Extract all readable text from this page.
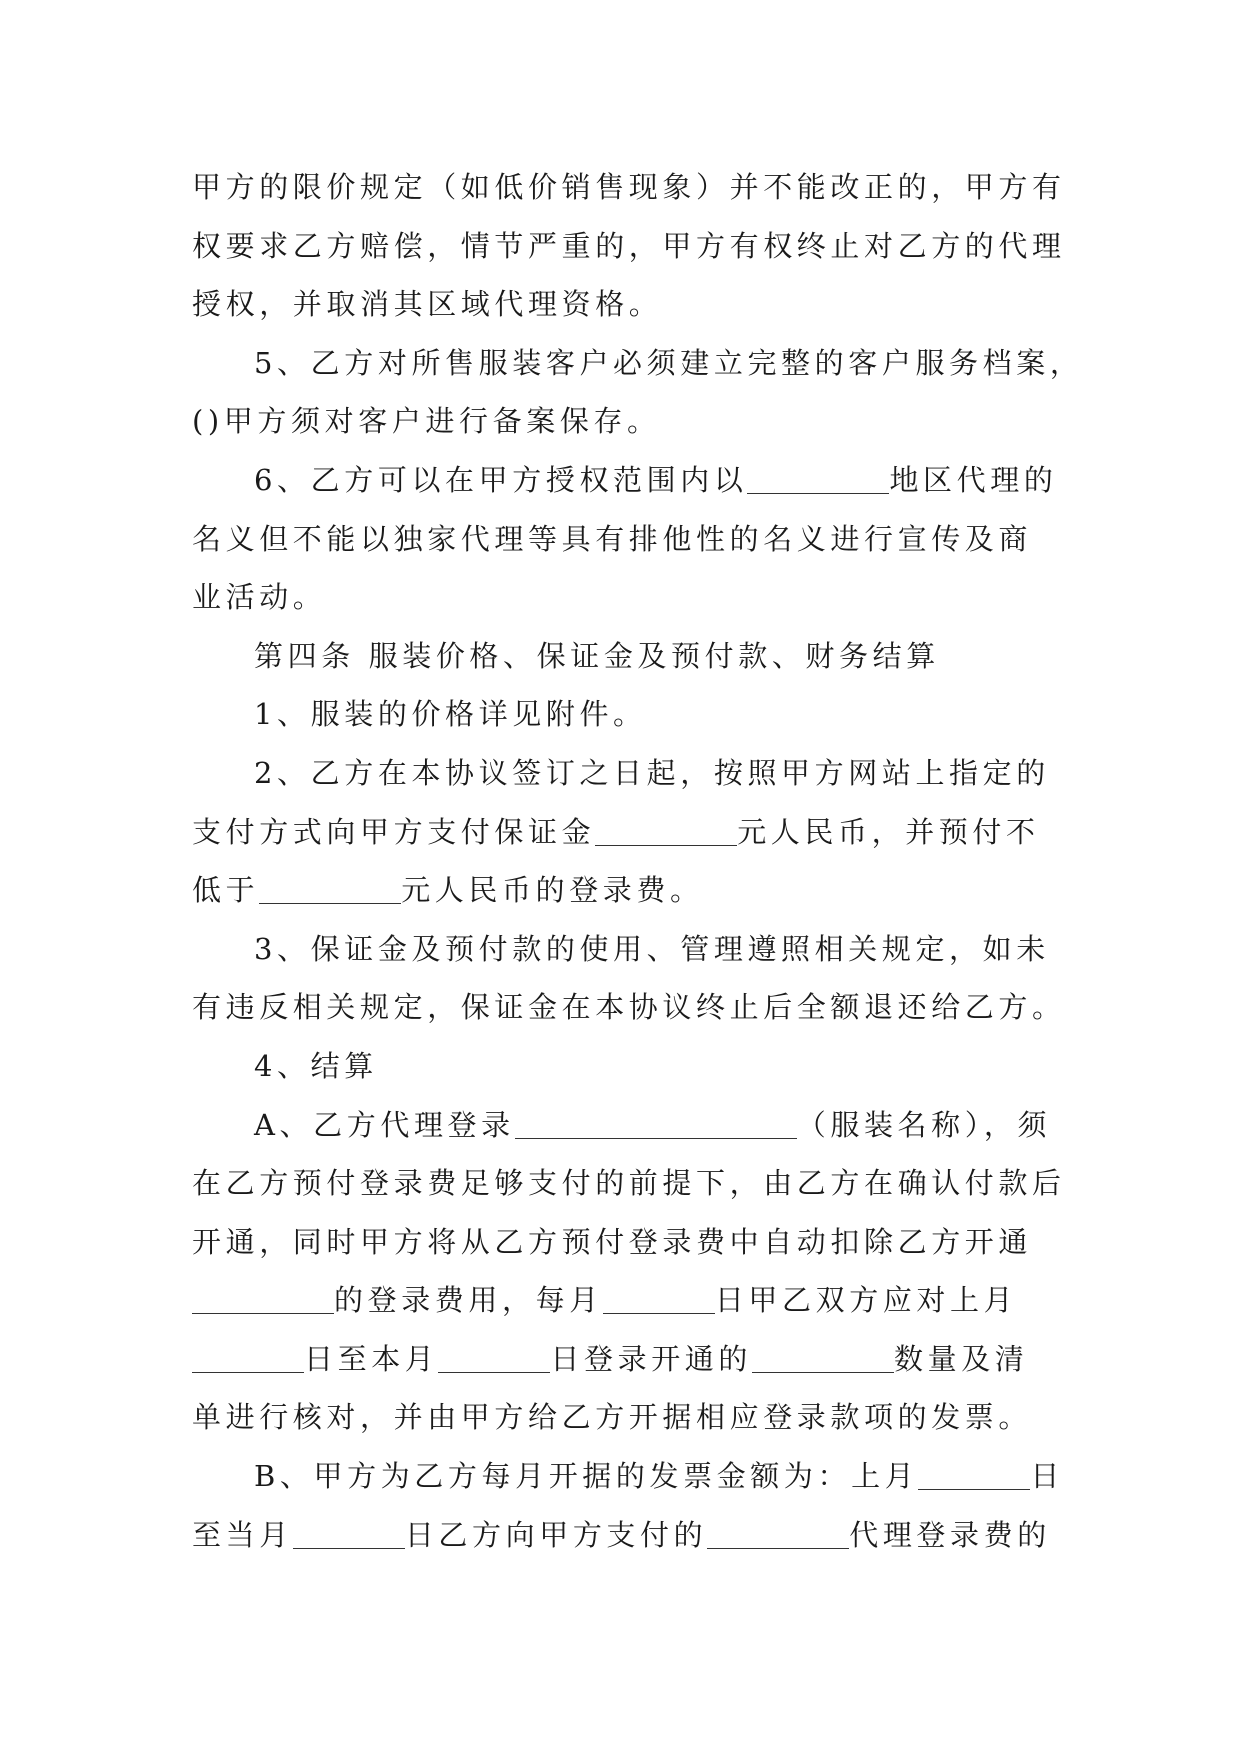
甲方的限价规定（如低价销售现象）并不能改正的，甲方有
权要求乙方赔偿，情节严重的，甲方有权终止对乙方的代理
授权，并取消其区域代理资格。
5、乙方对所售服装客户必须建立完整的客户服务档案，
()甲方须对客户进行备案保存。
6、乙方可以在甲方授权范围内以	地区代理的
名义但不能以独家代理等具有排他性的名义进行宣传及商
业活动。
第四条 服装价格、保证金及预付款、财务结算
1、服装的价格详见附件。
2、乙方在本协议签订之日起，按照甲方网站上指定的
支付方式向甲方支付保证金	元人民币，并预付不
低于	元人民币的登录费。
3、保证金及预付款的使用、管理遵照相关规定，如未
有违反相关规定，保证金在本协议终止后全额退还给乙方。
4、结算
A、乙方代理登录	（服装名称），须
在乙方预付登录费足够支付的前提下，由乙方在确认付款后
开通，同时甲方将从乙方预付登录费中自动扣除乙方开通
的登录费用，每月	日甲乙双方应对上月
日至本月	日登录开通的	数量及清
单进行核对，并由甲方给乙方开据相应登录款项的发票。
B、甲方为乙方每月开据的发票金额为：上月	日
至当月	日乙方向甲方支付的	代理登录费的
